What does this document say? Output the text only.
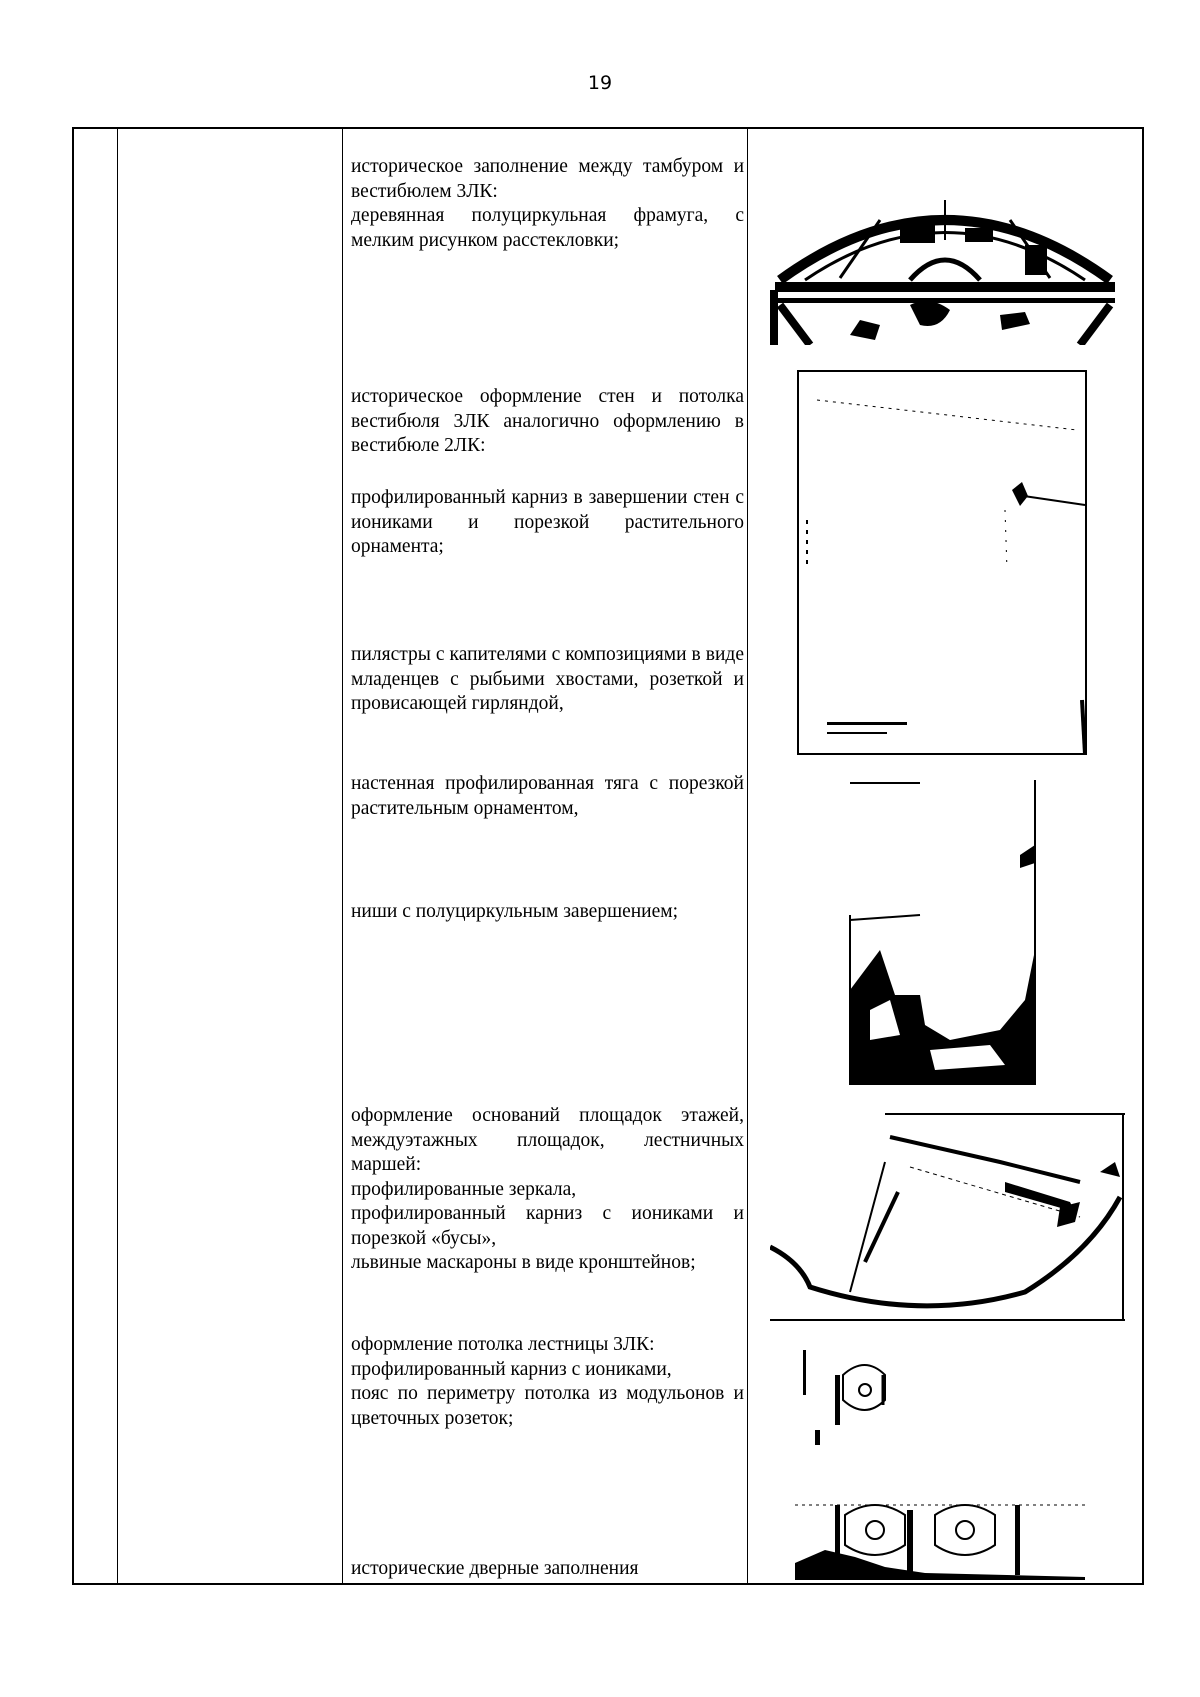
19

историческое заполнение между тамбуром и вестибюлем 3ЛК:

деревянная полуциркульная фрамуга, с мелким рисунком расстекловки;

историческое оформление стен и потолка вестибюля 3ЛК аналогично оформлению в вестибюле 2ЛК:

профилированный карниз в завершении стен с иониками и порезкой растительного орнамента;

пилястры с капителями с композициями в виде младенцев с рыбьими хвостами, розеткой и провисающей гирляндой,

настенная профилированная тяга с порезкой растительным орнаментом,

ниши с полуциркульным завершением;

оформление оснований площадок этажей, междуэтажных площадок, лестничных маршей:

профилированные зеркала,

профилированный карниз с иониками и порезкой «бусы»,

львиные маскароны в виде кронштейнов;

оформление потолка лестницы 3ЛК:

профилированный карниз с иониками,

пояс по периметру потолка из модульонов и цветочных розеток;

исторические дверные заполнения
